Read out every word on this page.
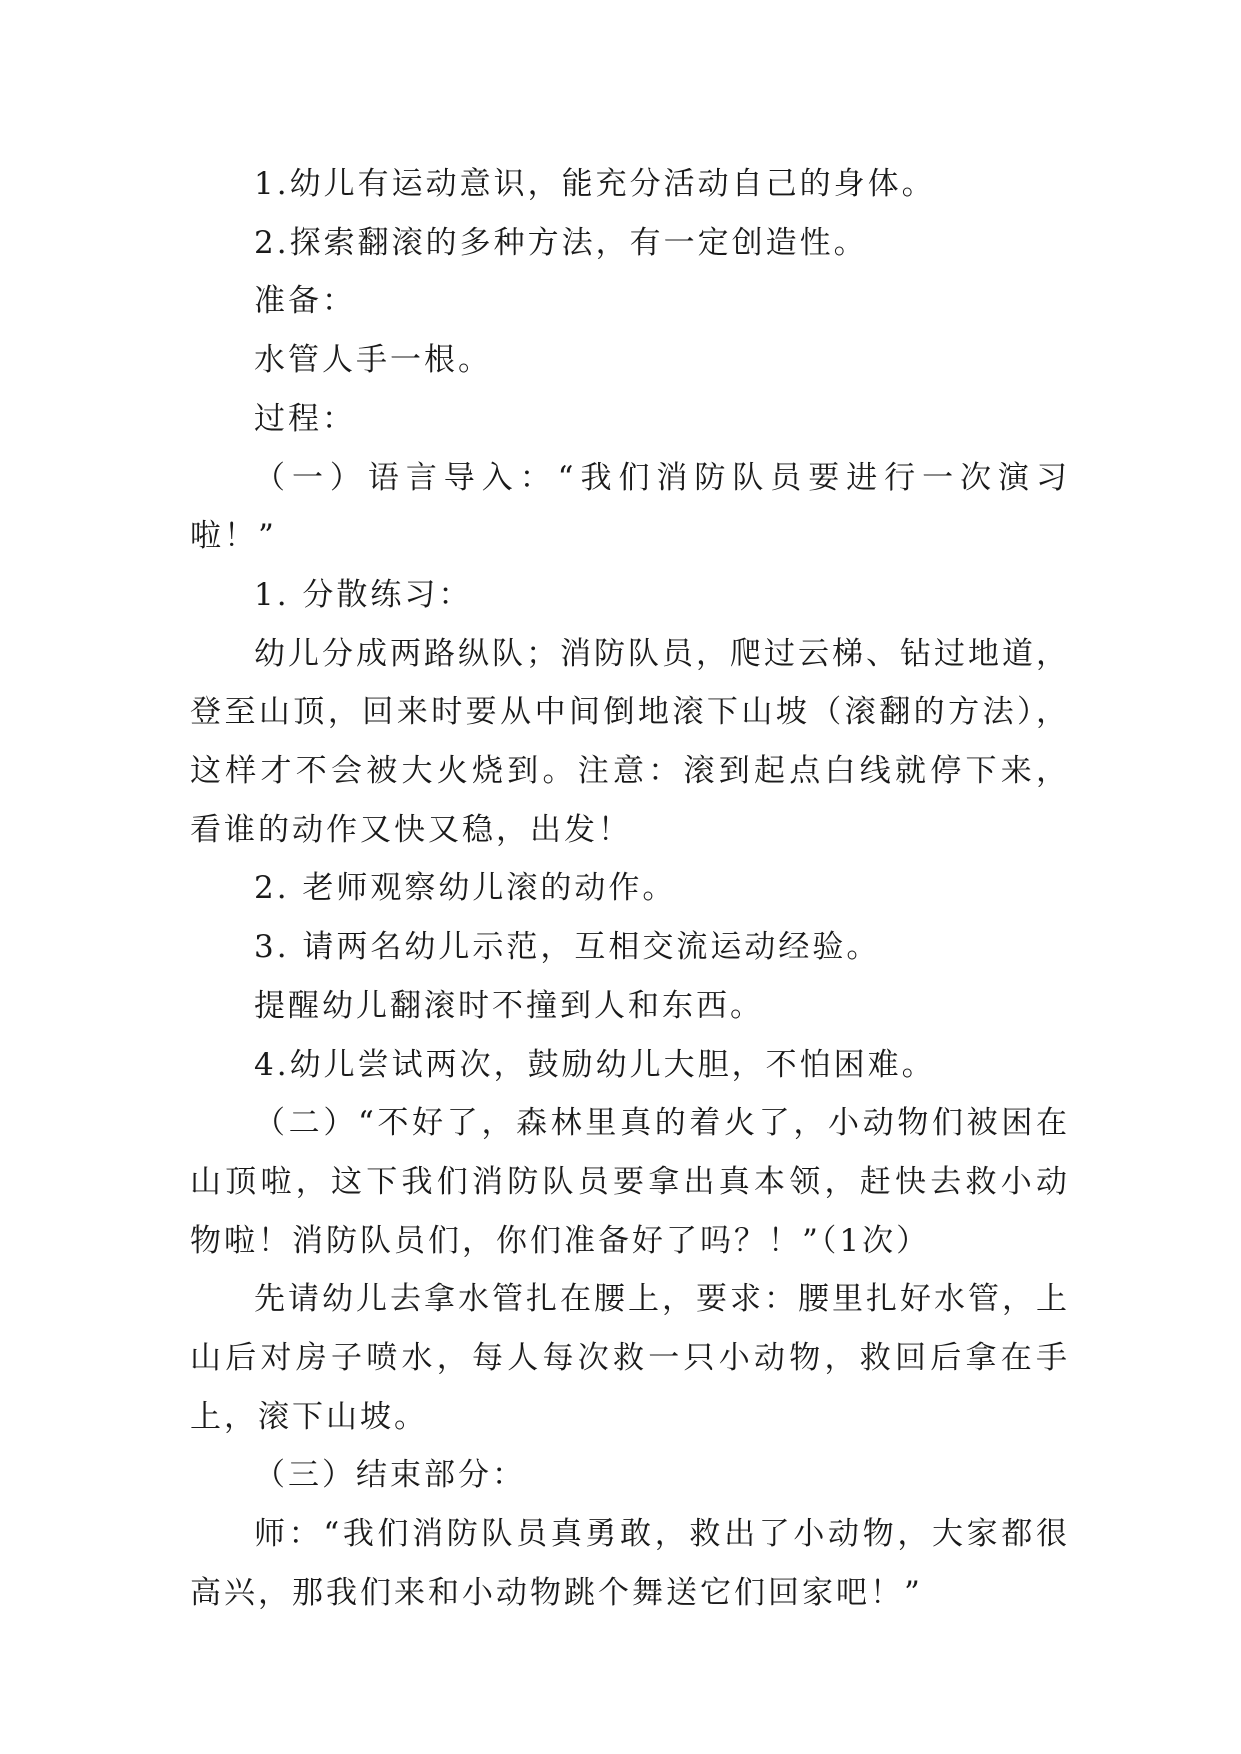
1.幼儿有运动意识，能充分活动自己的身体。

2.探索翻滚的多种方法，有一定创造性。

准备：

水管人手一根。

过程：

（一）语言导入：“我们消防队员要进行一次演习啦！”

1. 分散练习：

幼儿分成两路纵队；消防队员，爬过云梯、钻过地道，登至山顶，回来时要从中间倒地滚下山坡（滚翻的方法），这样才不会被大火烧到。注意：滚到起点白线就停下来，看谁的动作又快又稳，出发！

2. 老师观察幼儿滚的动作。

3. 请两名幼儿示范，互相交流运动经验。

提醒幼儿翻滚时不撞到人和东西。

4.幼儿尝试两次，鼓励幼儿大胆，不怕困难。

（二）“不好了，森林里真的着火了，小动物们被困在山顶啦，这下我们消防队员要拿出真本领，赶快去救小动物啦！消防队员们，你们准备好了吗？！”（1次）

先请幼儿去拿水管扎在腰上，要求：腰里扎好水管，上山后对房子喷水，每人每次救一只小动物，救回后拿在手上，滚下山坡。

（三）结束部分：

师：“我们消防队员真勇敢，救出了小动物，大家都很高兴，那我们来和小动物跳个舞送它们回家吧！”
